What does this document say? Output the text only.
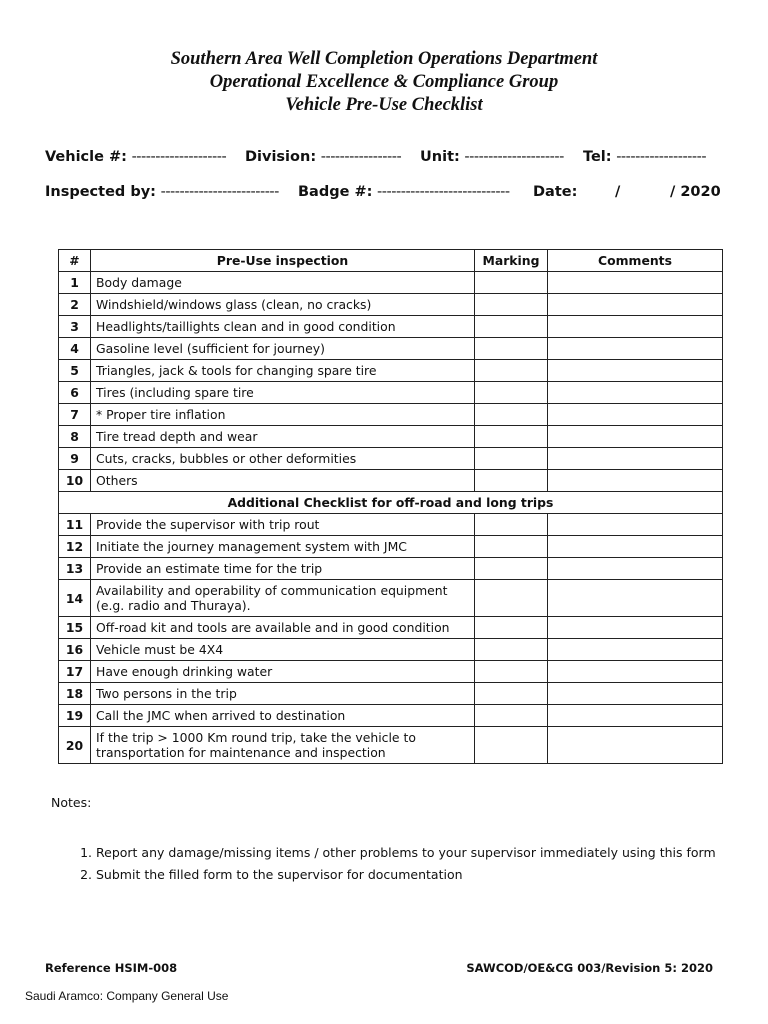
Southern Area Well Completion Operations Department
Operational Excellence & Compliance Group
Vehicle Pre-Use Checklist
Vehicle #: -------------------- Division: ----------------- Unit: --------------------- Tel: -------------------
Inspected by: ------------------------- Badge #: ---------------------------- Date:	/	/ 2020
#	Pre-Use inspection	Marking	Comments
1	Body damage		
2	Windshield/windows glass (clean, no cracks)		
3	Headlights/taillights clean and in good condition		
4	Gasoline level (sufficient for journey)		
5	Triangles, jack & tools for changing spare tire		
6	Tires (including spare tire		
7	* Proper tire inflation		
8	Tire tread depth and wear		
9	Cuts, cracks, bubbles or other deformities		
10	Others		
Additional Checklist for off-road and long trips			
11	Provide the supervisor with trip rout		
12	Initiate the journey management system with JMC		
13	Provide an estimate time for the trip		
14	Availability and operability of communication equipment (e.g. radio and Thuraya).		
15	Off-road kit and tools are available and in good condition		
16	Vehicle must be 4X4		
17	Have enough drinking water		
18	Two persons in the trip		
19	Call the JMC when arrived to destination		
20	If the trip > 1000 Km round trip, take the vehicle to transportation for maintenance and inspection		
Notes:
1. Report any damage/missing items / other problems to your supervisor immediately using this form
2. Submit the filled form to the supervisor for documentation
Reference HSIM-008	SAWCOD/OE&CG 003/Revision 5: 2020
Saudi Aramco: Company General Use
